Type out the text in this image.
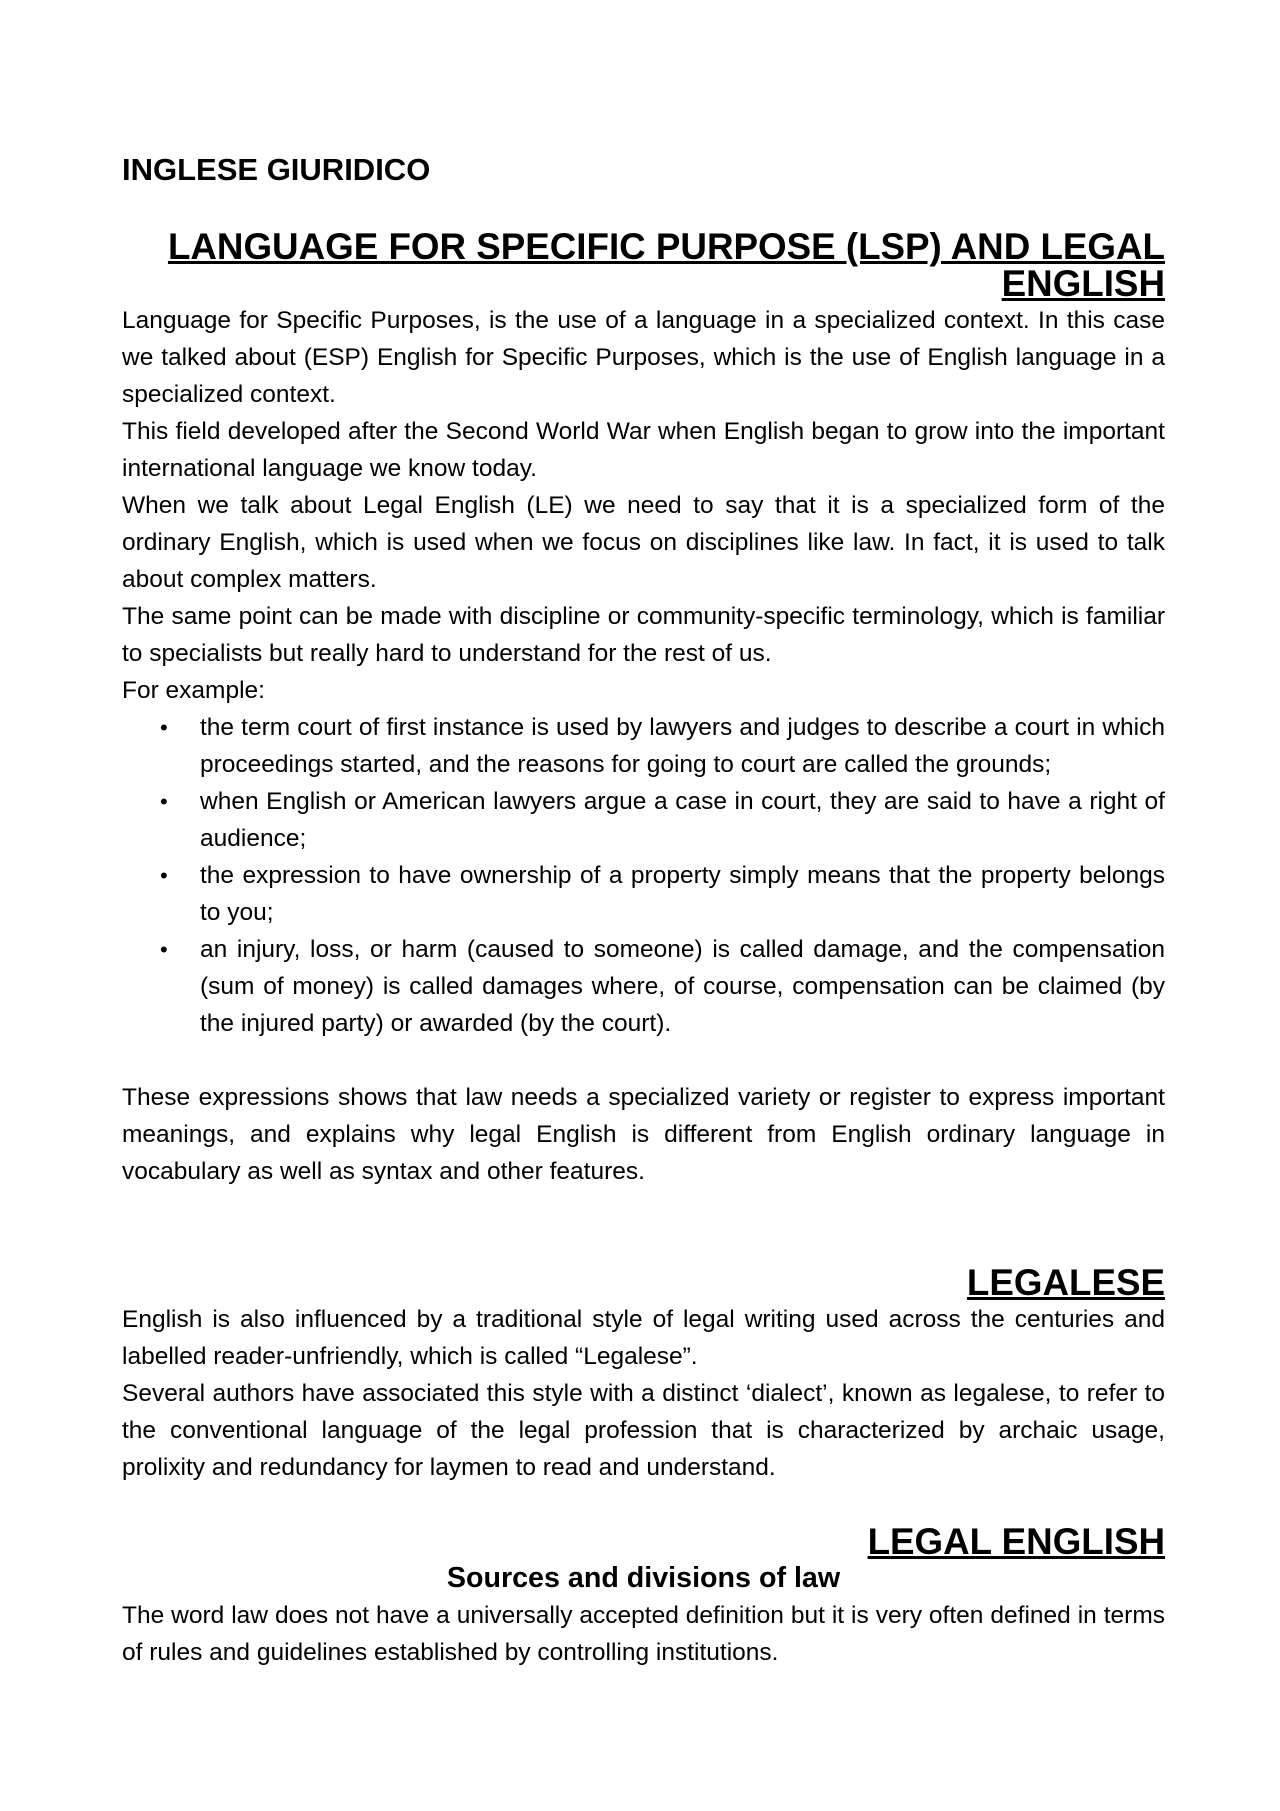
INGLESE GIURIDICO
LANGUAGE FOR SPECIFIC PURPOSE (LSP) AND LEGAL ENGLISH

Language for Specific Purposes, is the use of a language in a specialized context. In this case we talked about (ESP) English for Specific Purposes, which is the use of English language in a specialized context.

This field developed after the Second World War when English began to grow into the important international language we know today.

When we talk about Legal English (LE) we need to say that it is a specialized form of the ordinary English, which is used when we focus on disciplines like law. In fact, it is used to talk about complex matters.

The same point can be made with discipline or community-specific terminology, which is familiar to specialists but really hard to understand for the rest of us.

For example:

• the term court of first instance is used by lawyers and judges to describe a court in which proceedings started, and the reasons for going to court are called the grounds;
• when English or American lawyers argue a case in court, they are said to have a right of audience;
• the expression to have ownership of a property simply means that the property belongs to you;
• an injury, loss, or harm (caused to someone) is called damage, and the compensation (sum of money) is called damages where, of course, compensation can be claimed (by the injured party) or awarded (by the court).

These expressions shows that law needs a specialized variety or register to express important meanings, and explains why legal English is different from English ordinary language in vocabulary as well as syntax and other features.

LEGALESE

English is also influenced by a traditional style of legal writing used across the centuries and labelled reader-unfriendly, which is called “Legalese”.

Several authors have associated this style with a distinct ‘dialect’, known as legalese, to refer to the conventional language of the legal profession that is characterized by archaic usage, prolixity and redundancy for laymen to read and understand.

LEGAL ENGLISH
Sources and divisions of law

The word law does not have a universally accepted definition but it is very often defined in terms of rules and guidelines established by controlling institutions.
